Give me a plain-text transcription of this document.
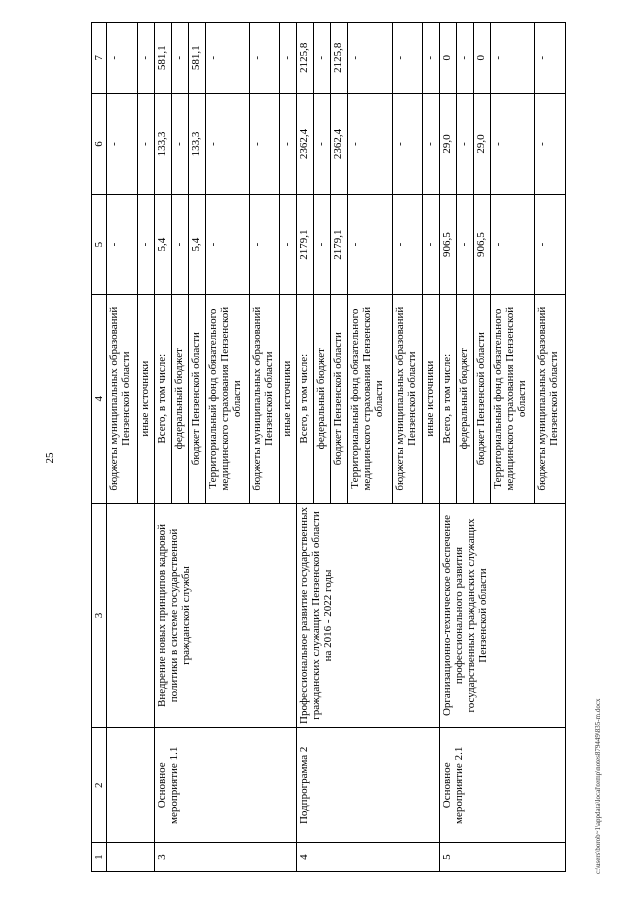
25
1	2	3	4	5	6	7
			бюджеты муниципальных образований Пензенской области	-	-	-
			иные источники	-	-	-
3	Основное мероприятие 1.1	Внедрение новых принципов кадровой политики в системе государственной гражданской службы	Всего, в том числе:	5,4	133,3	581,1
			федеральный бюджет	-	-	-
			бюджет Пензенской области	5,4	133,3	581,1
			Территориальный фонд обязательного медицинского страхования Пензенской области	-	-	-
			бюджеты муниципальных образований Пензенской области	-	-	-
			иные источники	-	-	-
4	Подпрограмма 2	Профессиональное развитие государственных гражданских служащих Пензенской области на 2016 - 2022 годы	Всего, в том числе:	2179,1	2362,4	2125,8
			федеральный бюджет	-	-	-
			бюджет Пензенской области	2179,1	2362,4	2125,8
			Территориальный фонд обязательного медицинского страхования Пензенской области	-	-	-
			бюджеты муниципальных образований Пензенской области	-	-	-
			иные источники	-	-	-
5	Основное мероприятие 2.1	Организационно-техническое обеспечение профессионального развития государственных гражданских служащих Пензенской области	Всего, в том числе:	906,5	29,0	0
			федеральный бюджет	-	-	-
			бюджет Пензенской области	906,5	29,0	0
			Территориальный фонд обязательного медицинского страхования Пензенской области	-	-	-
			бюджеты муниципальных образований Пензенской области	-	-	-
c:\users\borob~1\appdata\local\temp\notes879449\835-m.docx
